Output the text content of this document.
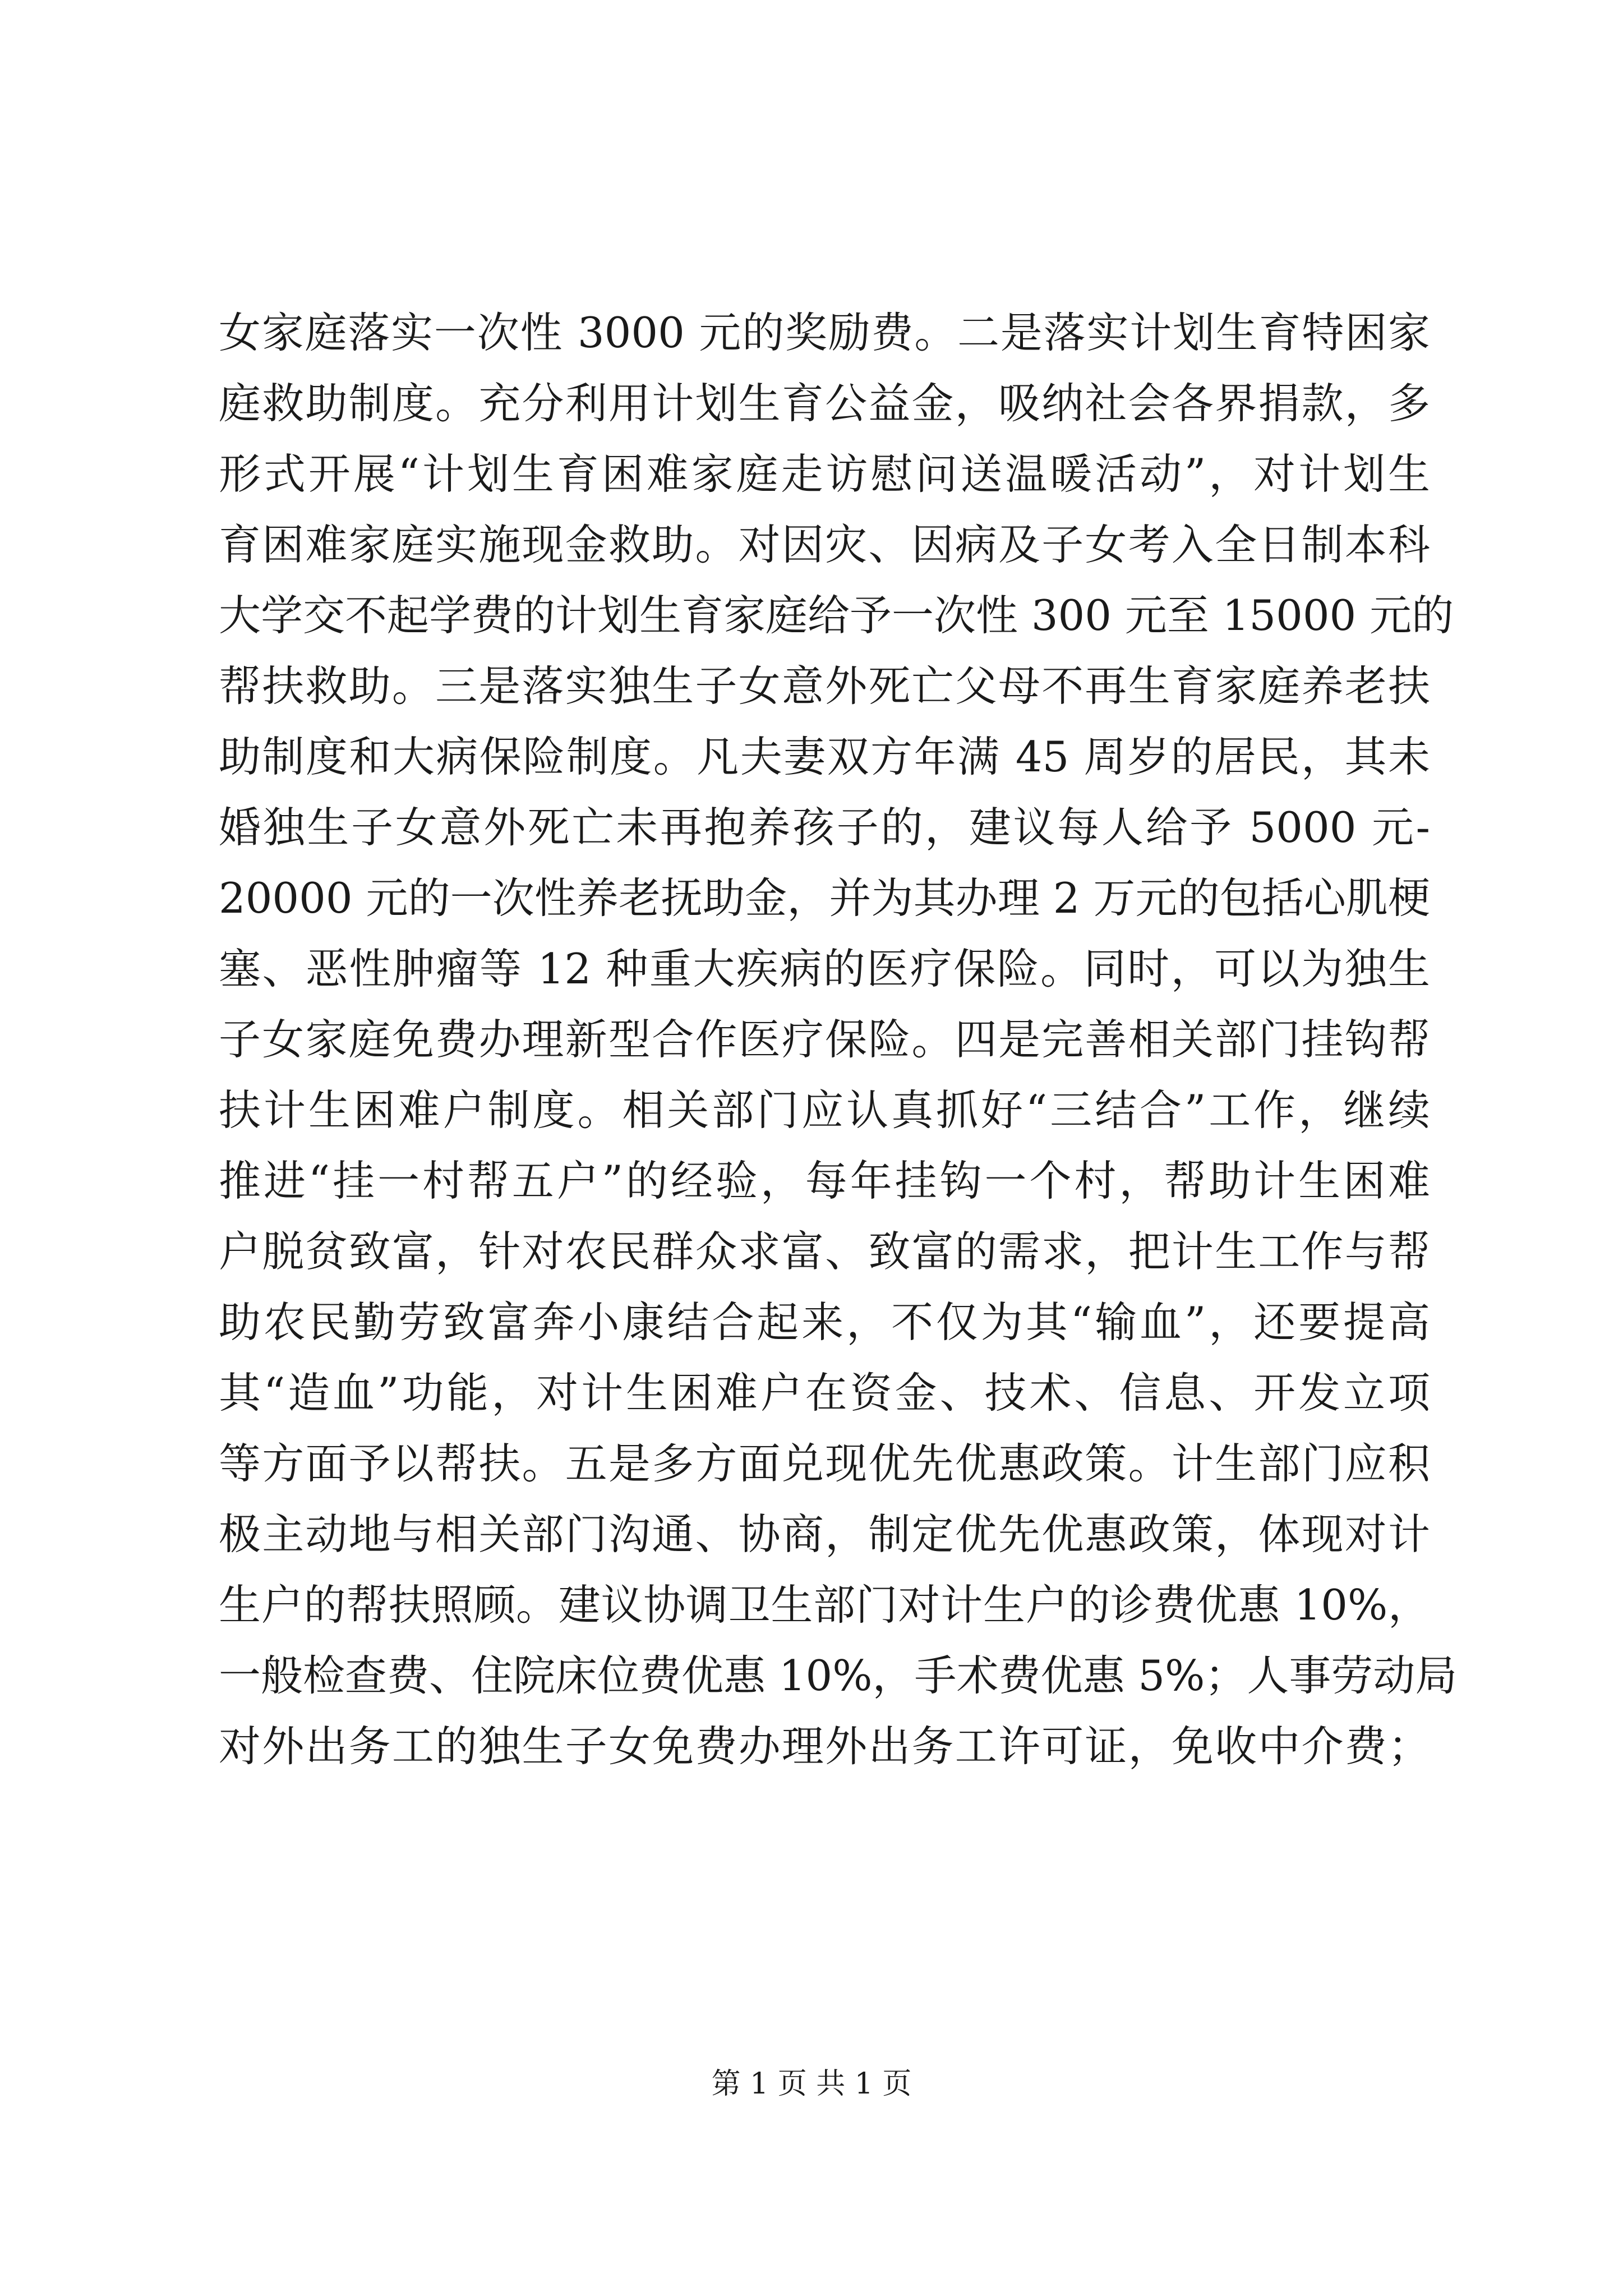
女家庭落实一次性 3000 元的奖励费。二是落实计划生育特困家
庭救助制度。充分利用计划生育公益金，吸纳社会各界捐款，多
形式开展“计划生育困难家庭走访慰问送温暖活动”，对计划生
育困难家庭实施现金救助。对因灾、因病及子女考入全日制本科
大学交不起学费的计划生育家庭给予一次性 300 元至 15000 元的
帮扶救助。三是落实独生子女意外死亡父母不再生育家庭养老扶
助制度和大病保险制度。凡夫妻双方年满 45 周岁的居民，其未
婚独生子女意外死亡未再抱养孩子的，建议每人给予 5000 元-
20000 元的一次性养老抚助金，并为其办理 2 万元的包括心肌梗
塞、恶性肿瘤等 12 种重大疾病的医疗保险。同时，可以为独生
子女家庭免费办理新型合作医疗保险。四是完善相关部门挂钩帮
扶计生困难户制度。相关部门应认真抓好“三结合”工作，继续
推进“挂一村帮五户”的经验，每年挂钩一个村，帮助计生困难
户脱贫致富，针对农民群众求富、致富的需求，把计生工作与帮
助农民勤劳致富奔小康结合起来，不仅为其“输血”，还要提高
其“造血”功能，对计生困难户在资金、技术、信息、开发立项
等方面予以帮扶。五是多方面兑现优先优惠政策。计生部门应积
极主动地与相关部门沟通、协商，制定优先优惠政策，体现对计
生户的帮扶照顾。建议协调卫生部门对计生户的诊费优惠 10%，
一般检查费、住院床位费优惠 10%，手术费优惠 5%；人事劳动局
对外出务工的独生子女免费办理外出务工许可证，免收中介费；
第 1 页 共 1 页
